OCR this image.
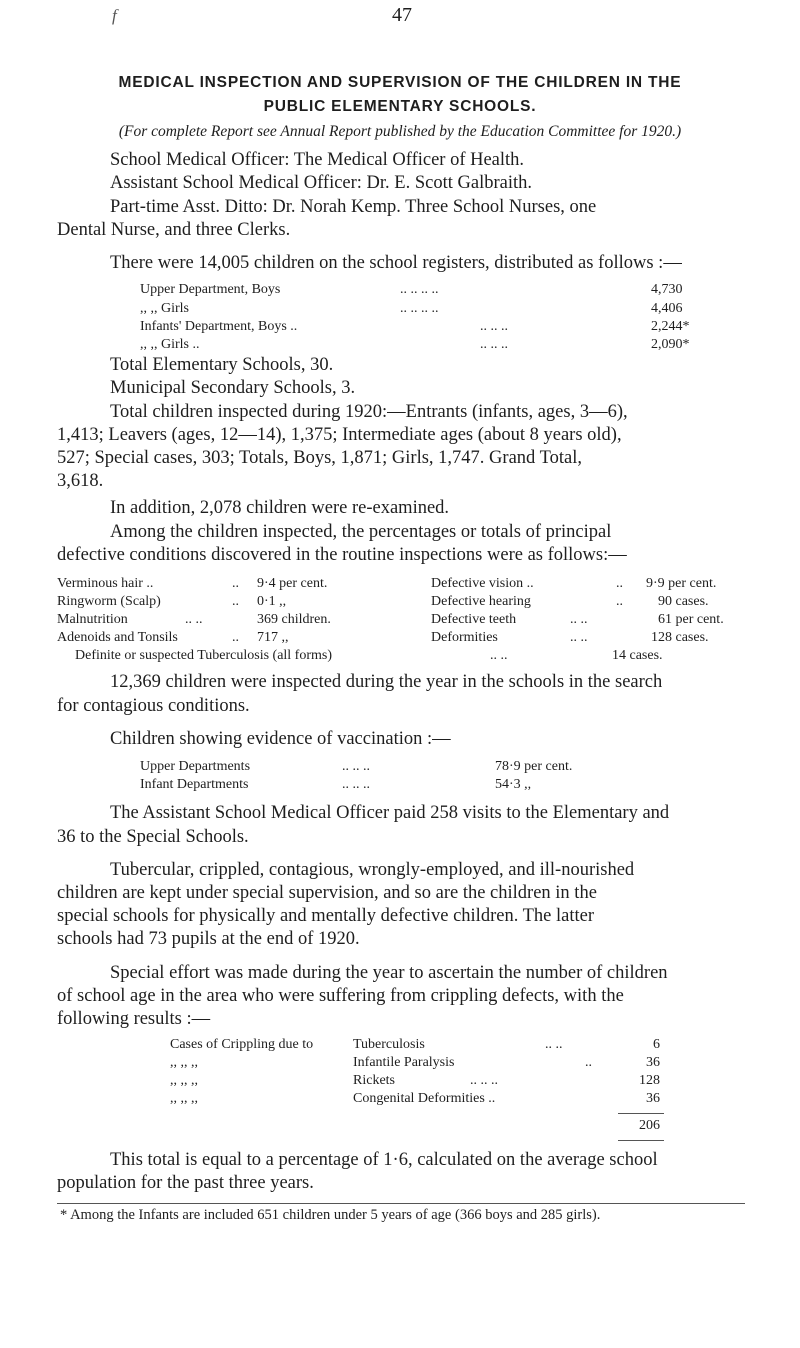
f	47
MEDICAL INSPECTION AND SUPERVISION OF THE CHILDREN IN THE
PUBLIC ELEMENTARY SCHOOLS.
(For complete Report see Annual Report published by the Education Committee for 1920.)
School Medical Officer: The Medical Officer of Health.
Assistant School Medical Officer: Dr. E. Scott Galbraith.
Part-time Asst. Ditto: Dr. Norah Kemp. Three School Nurses, one
Dental Nurse, and three Clerks.
There were 14,005 children on the school registers, distributed as follows :—
Upper Department, Boys	.. .. .. ..	4,730
,, ,, Girls	.. .. .. ..	4,406
Infants' Department, Boys ..	.. .. ..	2,244*
,, ,, Girls ..	.. .. ..	2,090*
Total Elementary Schools, 30.
Municipal Secondary Schools, 3.
Total children inspected during 1920:—Entrants (infants, ages, 3—6),
1,413; Leavers (ages, 12—14), 1,375; Intermediate ages (about 8 years old),
527; Special cases, 303; Totals, Boys, 1,871; Girls, 1,747. Grand Total,
3,618.
In addition, 2,078 children were re-examined.
Among the children inspected, the percentages or totals of principal
defective conditions discovered in the routine inspections were as follows:—
Verminous hair ..	.. 9·4 per cent.	Defective vision ..	.. 9·9 per cent.
Ringworm (Scalp)	.. 0·1 ,,	Defective hearing	..	90 cases.
Malnutrition	.. ..	369 children.	Defective teeth	.. ..	61 per cent.
Adenoids and Tonsils	.. 717 ,,	Deformities	.. ..	128 cases.
Definite or suspected Tuberculosis (all forms)	.. ..	14 cases.
12,369 children were inspected during the year in the schools in the search
for contagious conditions.
Children showing evidence of vaccination :—
Upper Departments	.. .. ..	78·9 per cent.
Infant Departments	.. .. ..	54·3 ,,
The Assistant School Medical Officer paid 258 visits to the Elementary and
36 to the Special Schools.
Tubercular, crippled, contagious, wrongly-employed, and ill-nourished
children are kept under special supervision, and so are the children in the
special schools for physically and mentally defective children. The latter
schools had 73 pupils at the end of 1920.
Special effort was made during the year to ascertain the number of children
of school age in the area who were suffering from crippling defects, with the
following results :—
Cases of Crippling due to	Tuberculosis	.. ..	6
,, ,, ,,	Infantile Paralysis	..	36
,, ,, ,,	Rickets	.. .. ..	128
,, ,, ,,	Congenital Deformities ..	36
206
This total is equal to a percentage of 1·6, calculated on the average school
population for the past three years.
* Among the Infants are included 651 children under 5 years of age (366 boys and 285 girls).
